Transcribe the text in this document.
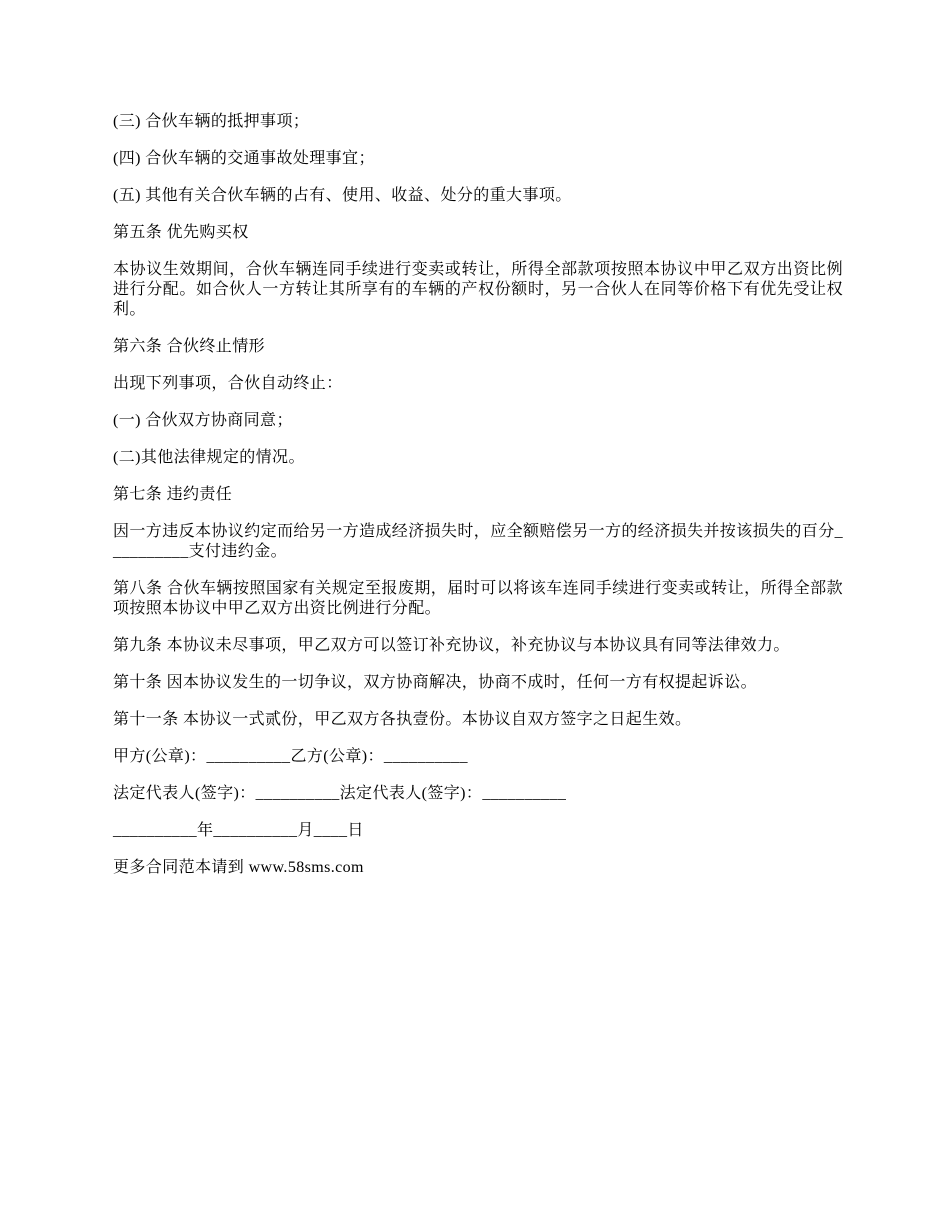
(三) 合伙车辆的抵押事项；

(四) 合伙车辆的交通事故处理事宜；

(五) 其他有关合伙车辆的占有、使用、收益、处分的重大事项。

第五条 优先购买权

本协议生效期间，合伙车辆连同手续进行变卖或转让，所得全部款项按照本协议中甲乙双方出资比例进行分配。如合伙人一方转让其所享有的车辆的产权份额时，另一合伙人在同等价格下有优先受让权利。

第六条 合伙终止情形

出现下列事项，合伙自动终止：

(一) 合伙双方协商同意；

(二)其他法律规定的情况。

第七条 违约责任

因一方违反本协议约定而给另一方造成经济损失时，应全额赔偿另一方的经济损失并按该损失的百分__________支付违约金。

第八条 合伙车辆按照国家有关规定至报废期，届时可以将该车连同手续进行变卖或转让，所得全部款项按照本协议中甲乙双方出资比例进行分配。

第九条 本协议未尽事项，甲乙双方可以签订补充协议，补充协议与本协议具有同等法律效力。

第十条 因本协议发生的一切争议，双方协商解决，协商不成时，任何一方有权提起诉讼。

第十一条 本协议一式贰份，甲乙双方各执壹份。本协议自双方签字之日起生效。

甲方(公章)：__________乙方(公章)：__________

法定代表人(签字)：__________法定代表人(签字)：__________

__________年__________月____日

更多合同范本请到 www.58sms.com
